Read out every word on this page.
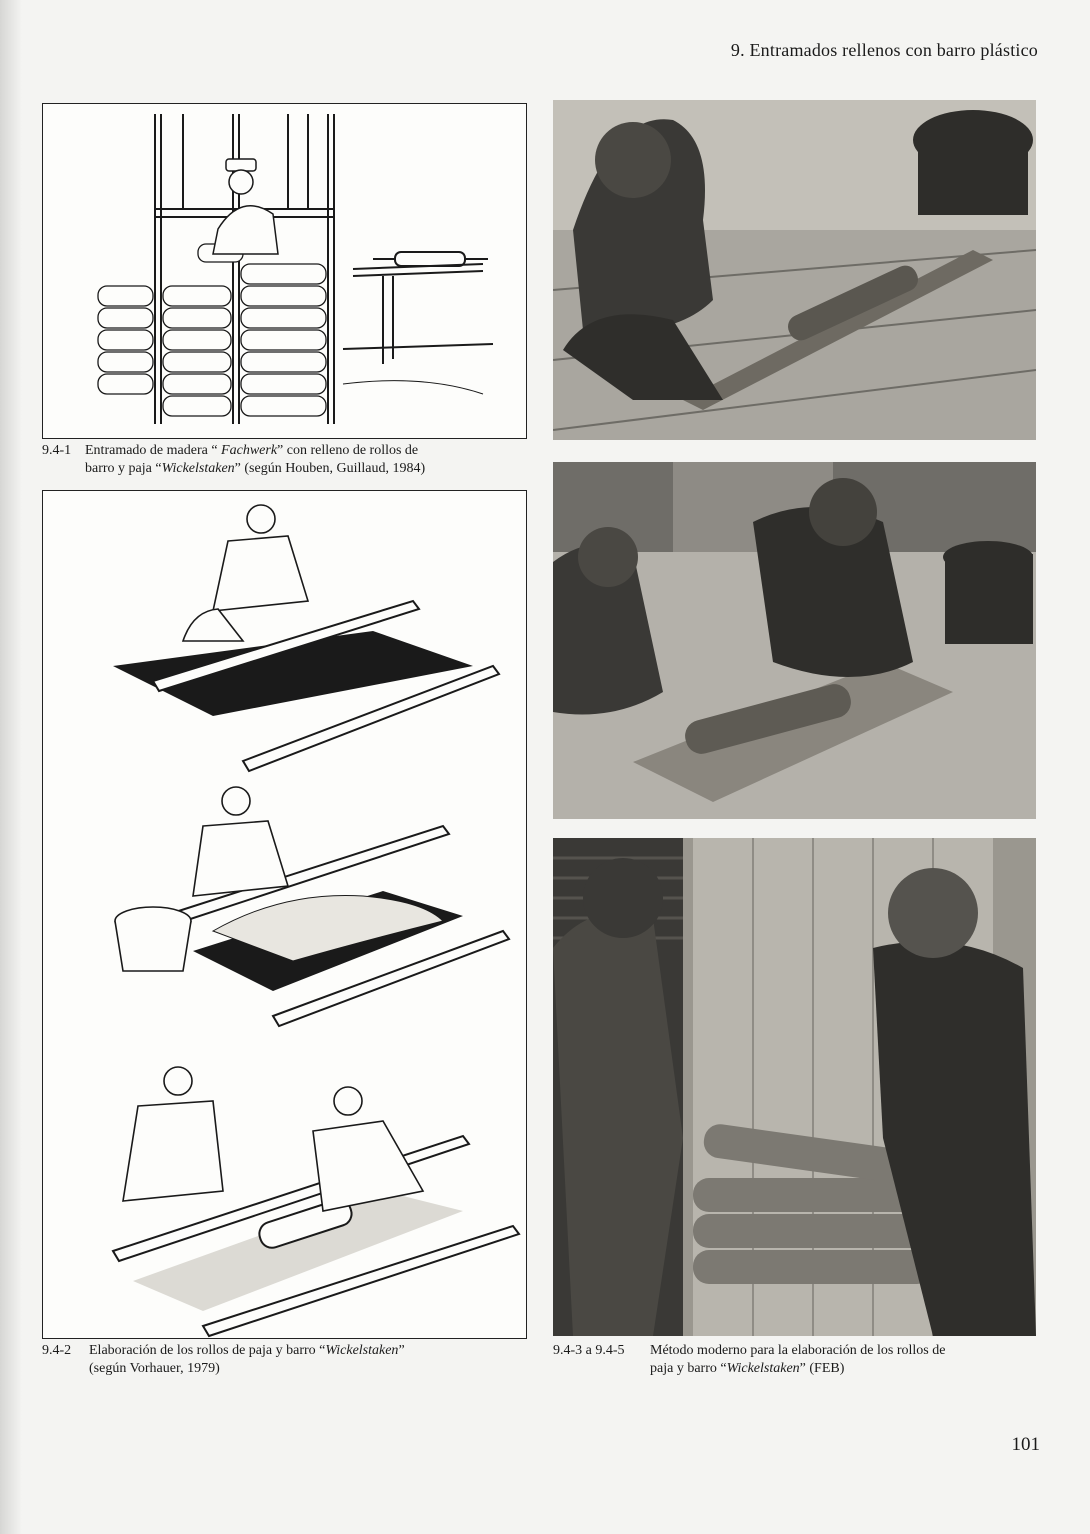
9. Entramados rellenos con barro plástico
9.4-1 Entramado de madera “ Fachwerk” con relleno de rollos de
barro y paja “Wickelstaken” (según Houben, Guillaud, 1984)
9.4-2 Elaboración de los rollos de paja y barro “Wickelstaken”
(según Vorhauer, 1979)
9.4-3 a 9.4-5 Método moderno para la elaboración de los rollos de
paja y barro “Wickelstaken” (FEB)
101
